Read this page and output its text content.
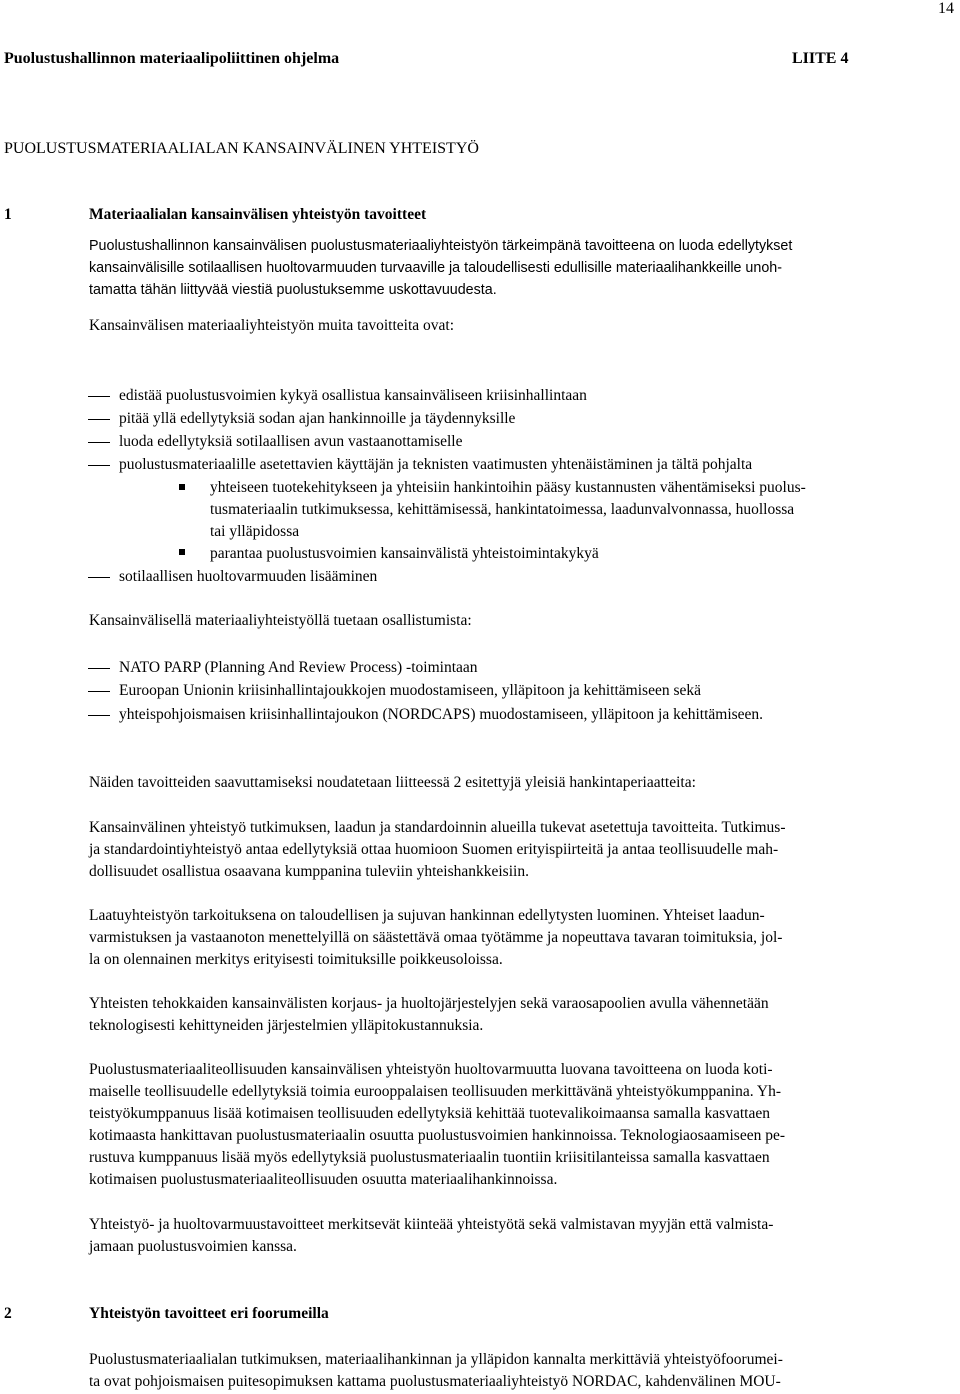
14
Puolustushallinnon materiaalipoliittinen ohjelma	LIITE 4
PUOLUSTUSMATERIAALIALAN KANSAINVÄLINEN YHTEISTYÖ
1	Materiaalialan kansainvälisen yhteistyön tavoitteet
Puolustushallinnon kansainvälisen puolustusmateriaaliyhteistyön tärkeimpänä tavoitteena on luoda edellytykset
kansainvälisille sotilaallisen huoltovarmuuden turvaaville ja taloudellisesti edullisille materiaalihankkeille unoh-
tamatta tähän liittyvää viestiä puolustuksemme uskottavuudesta.
Kansainvälisen materiaaliyhteistyön muita tavoitteita ovat:
edistää puolustusvoimien kykyä osallistua kansainväliseen kriisinhallintaan
pitää yllä edellytyksiä sodan ajan hankinnoille ja täydennyksille
luoda edellytyksiä sotilaallisen avun vastaanottamiselle
puolustusmateriaalille asetettavien käyttäjän ja teknisten vaatimusten yhtenäistäminen ja tältä pohjalta
yhteiseen tuotekehitykseen ja yhteisiin hankintoihin pääsy kustannusten vähentämiseksi puolus-
tusmateriaalin tutkimuksessa, kehittämisessä, hankintatoimessa, laadunvalvonnassa, huollossa
tai ylläpidossa
parantaa puolustusvoimien kansainvälistä yhteistoimintakykyä
sotilaallisen huoltovarmuuden lisääminen
Kansainvälisellä materiaaliyhteistyöllä tuetaan osallistumista:
NATO PARP (Planning And Review Process) -toimintaan
Euroopan Unionin kriisinhallintajoukkojen muodostamiseen, ylläpitoon ja kehittämiseen sekä
yhteispohjoismaisen kriisinhallintajoukon (NORDCAPS) muodostamiseen, ylläpitoon ja kehittämiseen.
Näiden tavoitteiden saavuttamiseksi noudatetaan liitteessä 2 esitettyjä yleisiä hankintaperiaatteita:
Kansainvälinen yhteistyö tutkimuksen, laadun ja standardoinnin alueilla tukevat asetettuja tavoitteita. Tutkimus-
ja standardointiyhteistyö antaa edellytyksiä ottaa huomioon Suomen erityispiirteitä ja antaa teollisuudelle mah-
dollisuudet osallistua osaavana kumppanina tuleviin yhteishankkeisiin.
Laatuyhteistyön tarkoituksena on taloudellisen ja sujuvan hankinnan edellytysten luominen. Yhteiset laadun-
varmistuksen ja vastaanoton menettelyillä on säästettävä omaa työtämme ja nopeuttava tavaran toimituksia, jol-
la on olennainen merkitys erityisesti toimituksille poikkeusoloissa.
Yhteisten tehokkaiden kansainvälisten korjaus- ja huoltojärjestelyjen sekä varaosapoolien avulla vähennetään
teknologisesti kehittyneiden järjestelmien ylläpitokustannuksia.
Puolustusmateriaaliteollisuuden kansainvälisen yhteistyön huoltovarmuutta luovana tavoitteena on luoda koti-
maiselle teollisuudelle edellytyksiä toimia eurooppalaisen teollisuuden merkittävänä yhteistyökumppanina. Yh-
teistyökumppanuus lisää kotimaisen teollisuuden edellytyksiä kehittää tuotevalikoimaansa samalla kasvattaen
kotimaasta hankittavan puolustusmateriaalin osuutta puolustusvoimien hankinnoissa. Teknologiaosaamiseen pe-
rustuva kumppanuus lisää myös edellytyksiä puolustusmateriaalin tuontiin kriisitilanteissa samalla kasvattaen
kotimaisen puolustusmateriaaliteollisuuden osuutta materiaalihankinnoissa.
Yhteistyö- ja huoltovarmuustavoitteet merkitsevät kiinteää yhteistyötä sekä valmistavan myyjän että valmista-
jamaan puolustusvoimien kanssa.
2	Yhteistyön tavoitteet eri foorumeilla
Puolustusmateriaalialan tutkimuksen, materiaalihankinnan ja ylläpidon kannalta merkittäviä yhteistyöfoorumei-
ta ovat pohjoismaisen puitesopimuksen kattama puolustusmateriaaliyhteistyö NORDAC, kahdenvälinen MOU-
